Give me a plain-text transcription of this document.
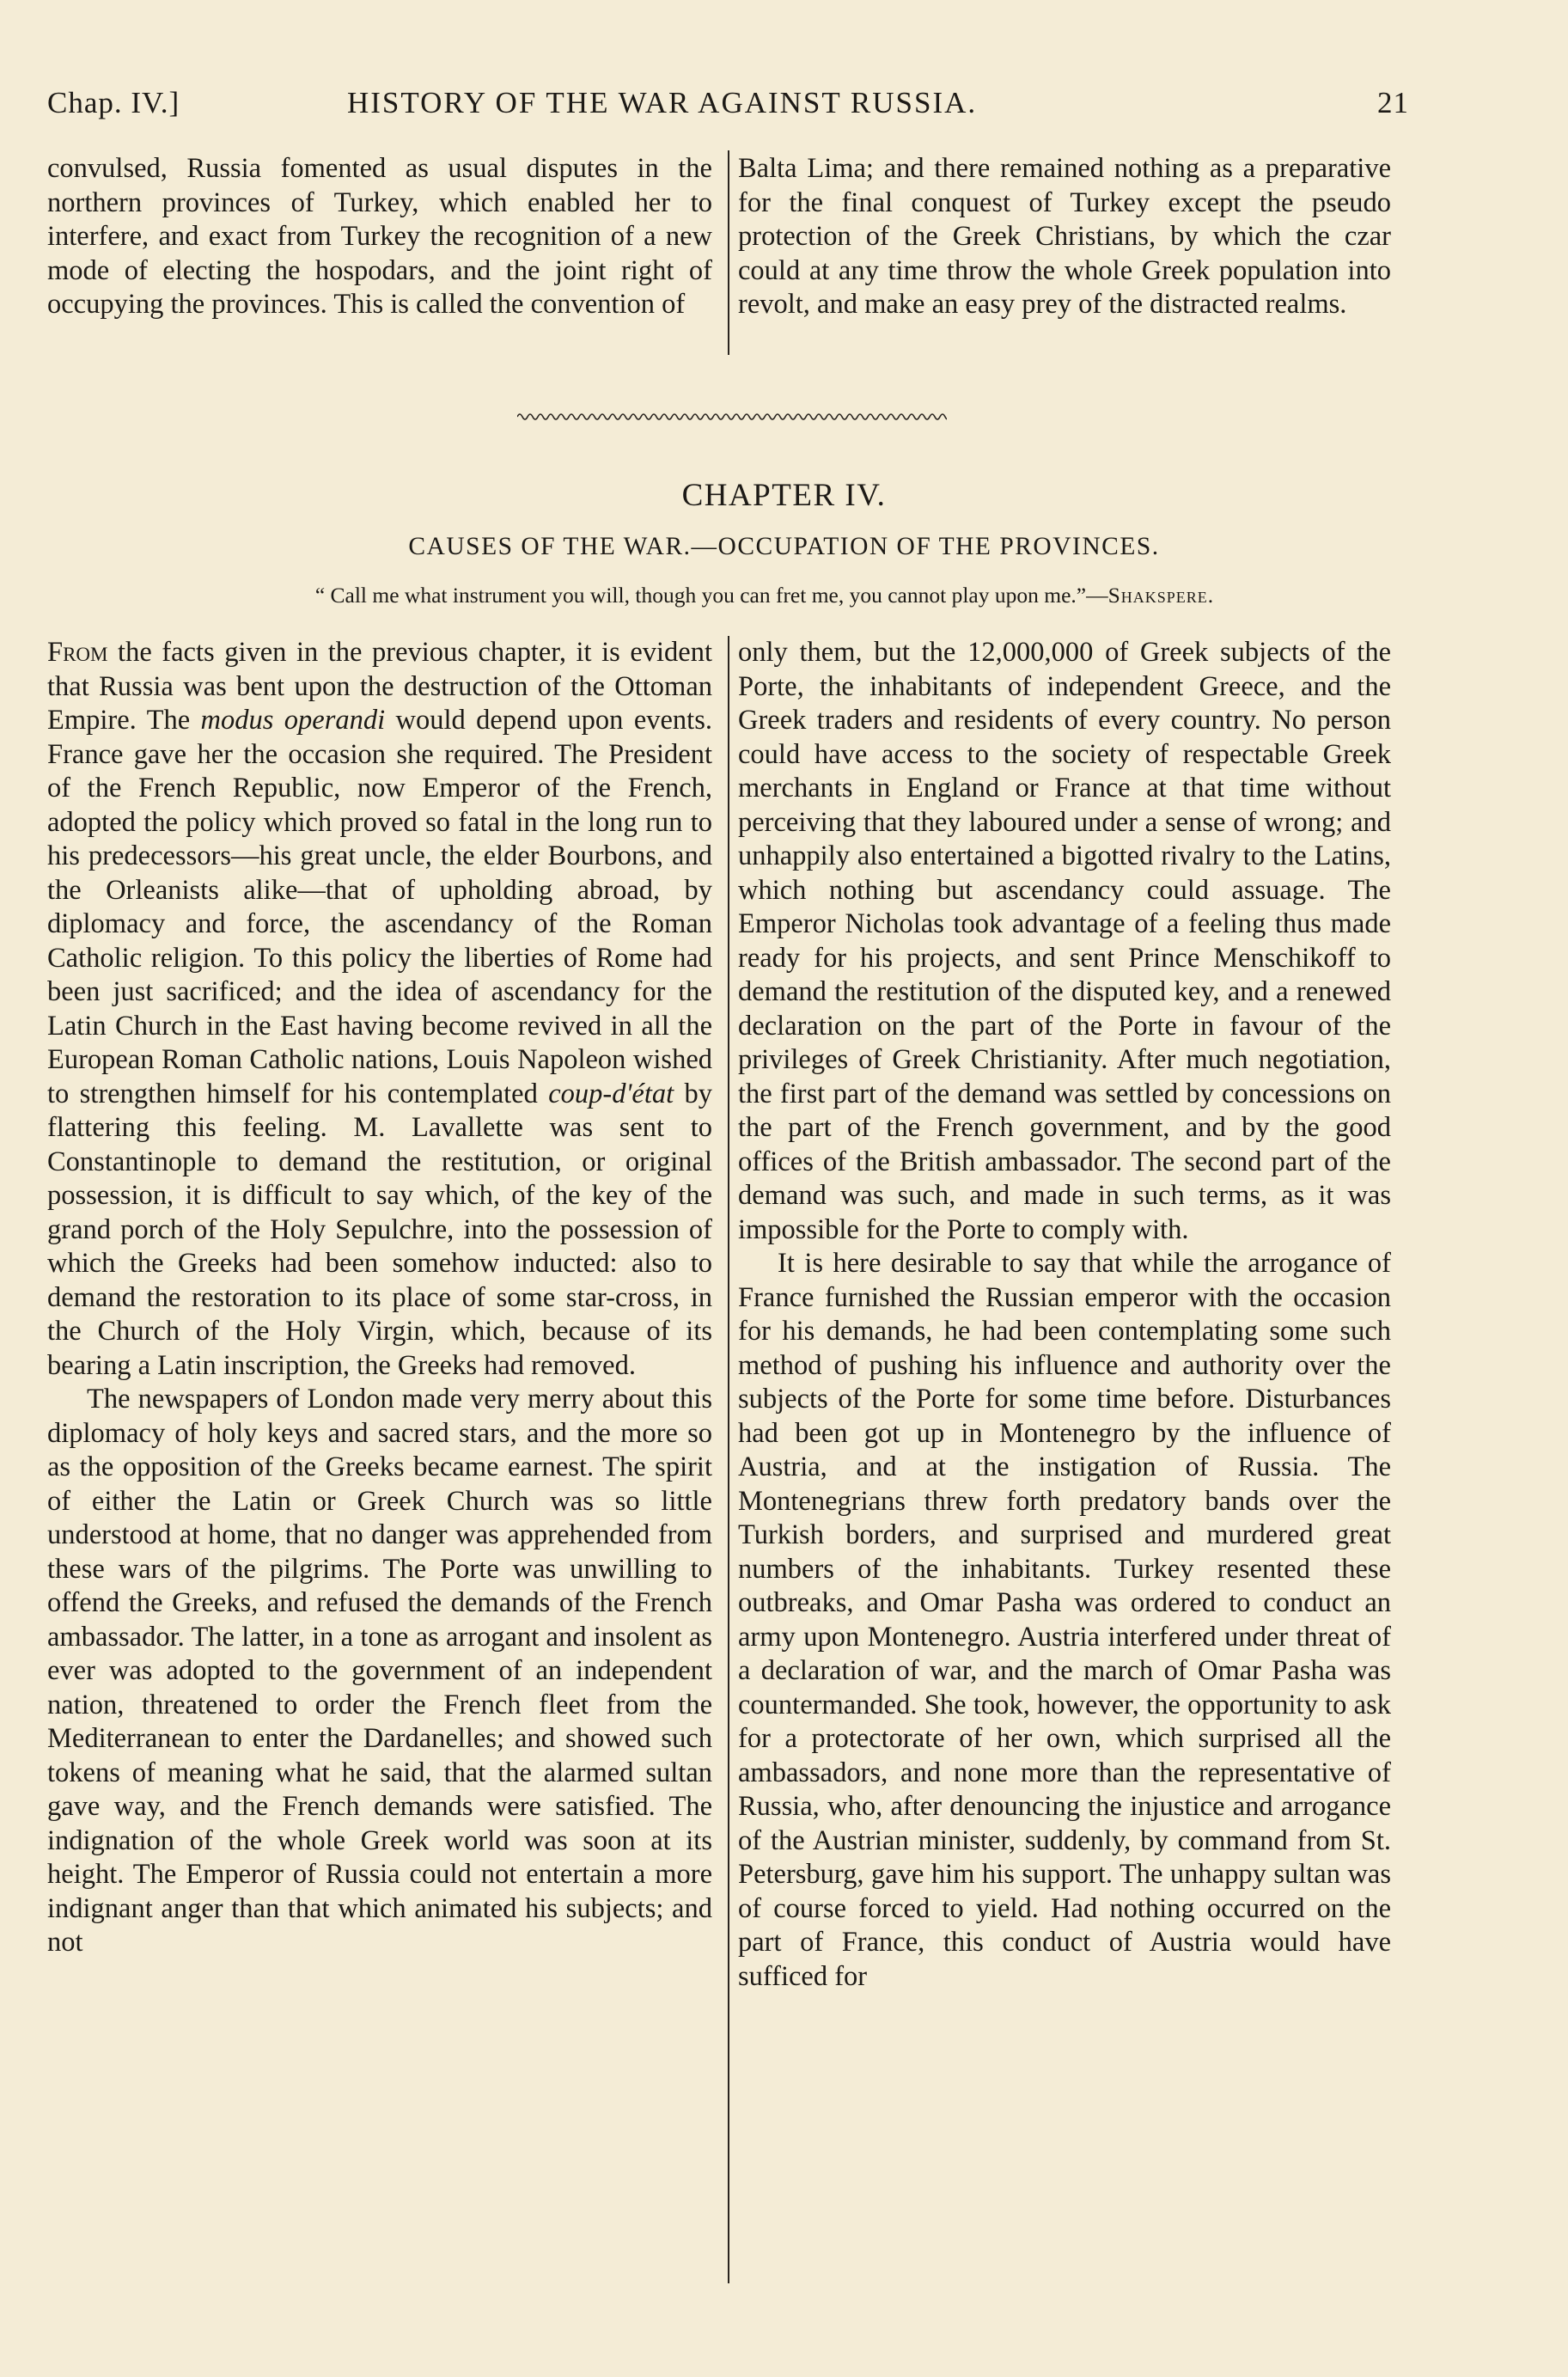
Chap. IV.]	HISTORY OF THE WAR AGAINST RUSSIA.	21

convulsed, Russia fomented as usual disputes in the northern provinces of Turkey, which enabled her to interfere, and exact from Turkey the recognition of a new mode of electing the hospodars, and the joint right of occupying the provinces. This is called the convention of

Balta Lima; and there remained nothing as a preparative for the final conquest of Turkey except the pseudo protection of the Greek Christians, by which the czar could at any time throw the whole Greek population into revolt, and make an easy prey of the distracted realms.

CHAPTER IV.
CAUSES OF THE WAR.—OCCUPATION OF THE PROVINCES.
“ Call me what instrument you will, though you can fret me, you cannot play upon me.”—Shakspere.

From the facts given in the previous chapter, it is evident that Russia was bent upon the destruction of the Ottoman Empire. The modus operandi would depend upon events. France gave her the occasion she required. The President of the French Republic, now Emperor of the French, adopted the policy which proved so fatal in the long run to his predecessors—his great uncle, the elder Bourbons, and the Orleanists alike—that of upholding abroad, by diplomacy and force, the ascendancy of the Roman Catholic religion. To this policy the liberties of Rome had been just sacrificed; and the idea of ascendancy for the Latin Church in the East having become revived in all the European Roman Catholic nations, Louis Napoleon wished to strengthen himself for his contemplated coup-d'état by flattering this feeling. M. Lavallette was sent to Constantinople to demand the restitution, or original possession, it is difficult to say which, of the key of the grand porch of the Holy Sepulchre, into the possession of which the Greeks had been somehow inducted: also to demand the restoration to its place of some star-cross, in the Church of the Holy Virgin, which, because of its bearing a Latin inscription, the Greeks had removed.

The newspapers of London made very merry about this diplomacy of holy keys and sacred stars, and the more so as the opposition of the Greeks became earnest. The spirit of either the Latin or Greek Church was so little understood at home, that no danger was apprehended from these wars of the pilgrims. The Porte was unwilling to offend the Greeks, and refused the demands of the French ambassador. The latter, in a tone as arrogant and insolent as ever was adopted to the government of an independent nation, threatened to order the French fleet from the Mediterranean to enter the Dardanelles; and showed such tokens of meaning what he said, that the alarmed sultan gave way, and the French demands were satisfied. The indignation of the whole Greek world was soon at its height. The Emperor of Russia could not entertain a more indignant anger than that which animated his subjects; and not

only them, but the 12,000,000 of Greek subjects of the Porte, the inhabitants of independent Greece, and the Greek traders and residents of every country. No person could have access to the society of respectable Greek merchants in England or France at that time without perceiving that they laboured under a sense of wrong; and unhappily also entertained a bigotted rivalry to the Latins, which nothing but ascendancy could assuage. The Emperor Nicholas took advantage of a feeling thus made ready for his projects, and sent Prince Menschikoff to demand the restitution of the disputed key, and a renewed declaration on the part of the Porte in favour of the privileges of Greek Christianity. After much negotiation, the first part of the demand was settled by concessions on the part of the French government, and by the good offices of the British ambassador. The second part of the demand was such, and made in such terms, as it was impossible for the Porte to comply with.

It is here desirable to say that while the arrogance of France furnished the Russian emperor with the occasion for his demands, he had been contemplating some such method of pushing his influence and authority over the subjects of the Porte for some time before. Disturbances had been got up in Montenegro by the influence of Austria, and at the instigation of Russia. The Montenegrians threw forth predatory bands over the Turkish borders, and surprised and murdered great numbers of the inhabitants. Turkey resented these outbreaks, and Omar Pasha was ordered to conduct an army upon Montenegro. Austria interfered under threat of a declaration of war, and the march of Omar Pasha was countermanded. She took, however, the opportunity to ask for a protectorate of her own, which surprised all the ambassadors, and none more than the representative of Russia, who, after denouncing the injustice and arrogance of the Austrian minister, suddenly, by command from St. Petersburg, gave him his support. The unhappy sultan was of course forced to yield. Had nothing occurred on the part of France, this conduct of Austria would have sufficed for
